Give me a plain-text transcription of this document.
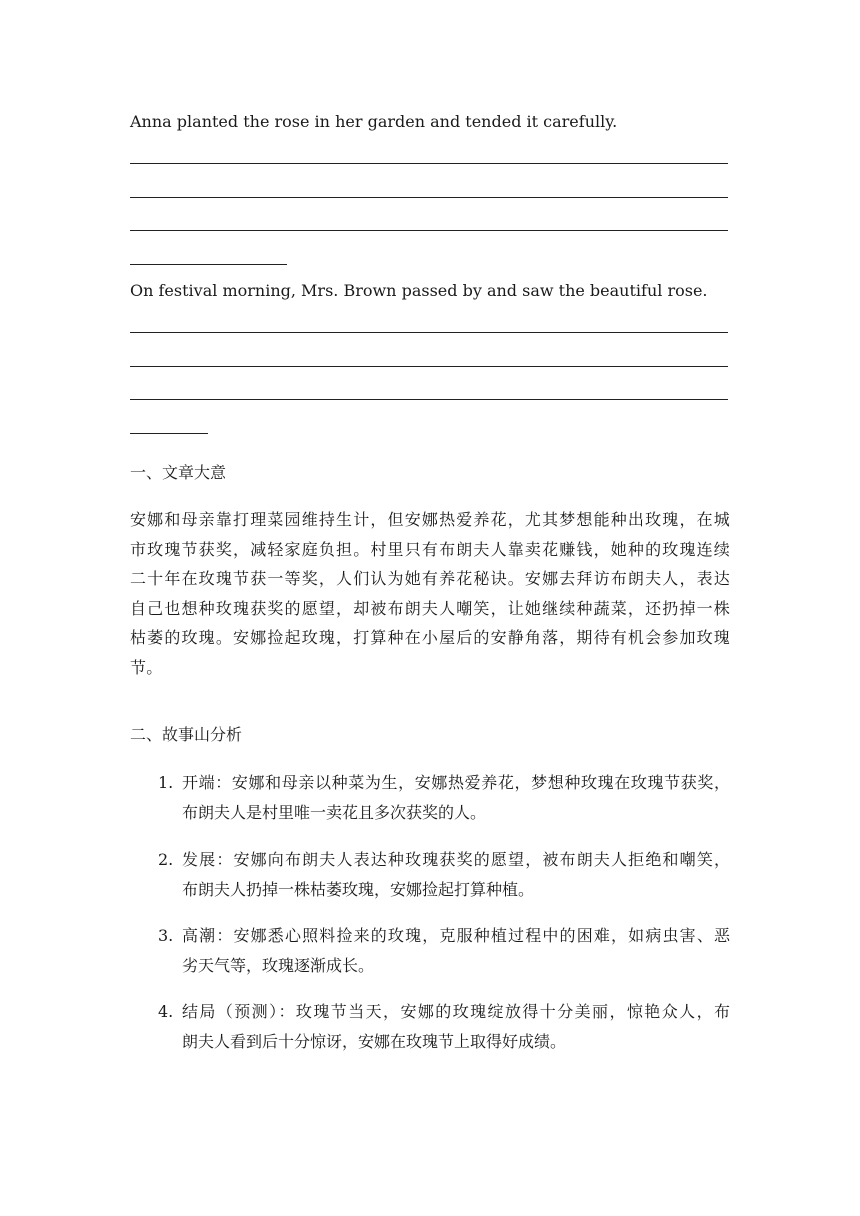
Anna planted the rose in her garden and tended it carefully.
On festival morning, Mrs. Brown passed by and saw the beautiful rose.
一、文章大意
安娜和母亲靠打理菜园维持生计，但安娜热爱养花，尤其梦想能种出玫瑰，在城
市玫瑰节获奖，减轻家庭负担。村里只有布朗夫人靠卖花赚钱，她种的玫瑰连续
二十年在玫瑰节获一等奖，人们认为她有养花秘诀。安娜去拜访布朗夫人，表达
自己也想种玫瑰获奖的愿望，却被布朗夫人嘲笑，让她继续种蔬菜，还扔掉一株
枯萎的玫瑰。安娜捡起玫瑰，打算种在小屋后的安静角落，期待有机会参加玫瑰
节。
二、故事山分析
1. 开端：安娜和母亲以种菜为生，安娜热爱养花，梦想种玫瑰在玫瑰节获奖，
布朗夫人是村里唯一卖花且多次获奖的人。
2. 发展：安娜向布朗夫人表达种玫瑰获奖的愿望，被布朗夫人拒绝和嘲笑，
布朗夫人扔掉一株枯萎玫瑰，安娜捡起打算种植。
3. 高潮：安娜悉心照料捡来的玫瑰，克服种植过程中的困难，如病虫害、恶
劣天气等，玫瑰逐渐成长。
4. 结局（预测）：玫瑰节当天，安娜的玫瑰绽放得十分美丽，惊艳众人，布
朗夫人看到后十分惊讶，安娜在玫瑰节上取得好成绩。
